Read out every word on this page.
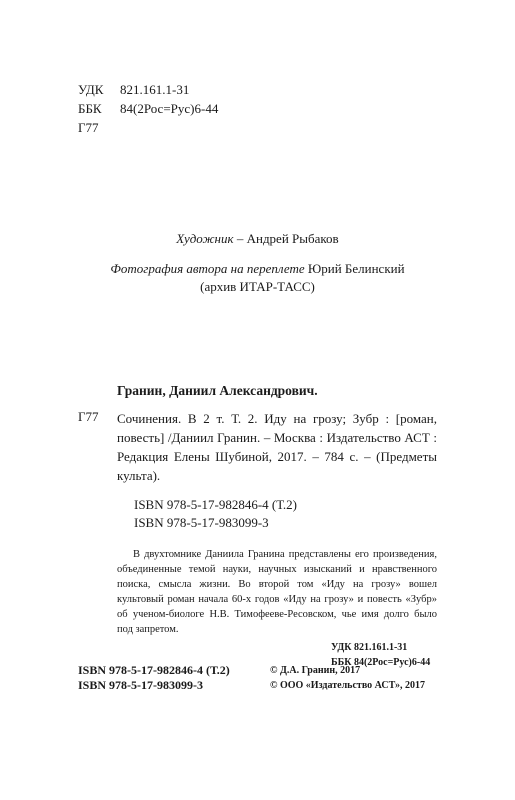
УДК	821.161.1-31
ББК	84(2Рос=Рус)6-44
Г77
Художник – Андрей Рыбаков
Фотография автора на переплете Юрий Белинский
(архив ИТАР-ТАСС)
Гранин, Даниил Александрович.
Г77 Сочинения. В 2 т. Т. 2. Иду на грозу; Зубр : [роман, повесть] /Даниил Гранин. – Москва : Издательство АСТ : Редакция Елены Шубиной, 2017. – 784 с. – (Предметы культа).
ISBN 978-5-17-982846-4 (Т.2)
ISBN 978-5-17-983099-3
В двухтомнике Даниила Гранина представлены его произведения, объединенные темой науки, научных изысканий и нравственного поиска, смысла жизни. Во второй том «Иду на грозу» вошел культовый роман начала 60-х годов «Иду на грозу» и повесть «Зубр» об ученом-биологе Н.В. Тимофееве-Ресовском, чье имя долго было под запретом.
УДК 821.161.1-31
ББК 84(2Рос=Рус)6-44
ISBN 978-5-17-982846-4 (Т.2)
ISBN 978-5-17-983099-3
© Д.А. Гранин, 2017
© ООО «Издательство АСТ», 2017
